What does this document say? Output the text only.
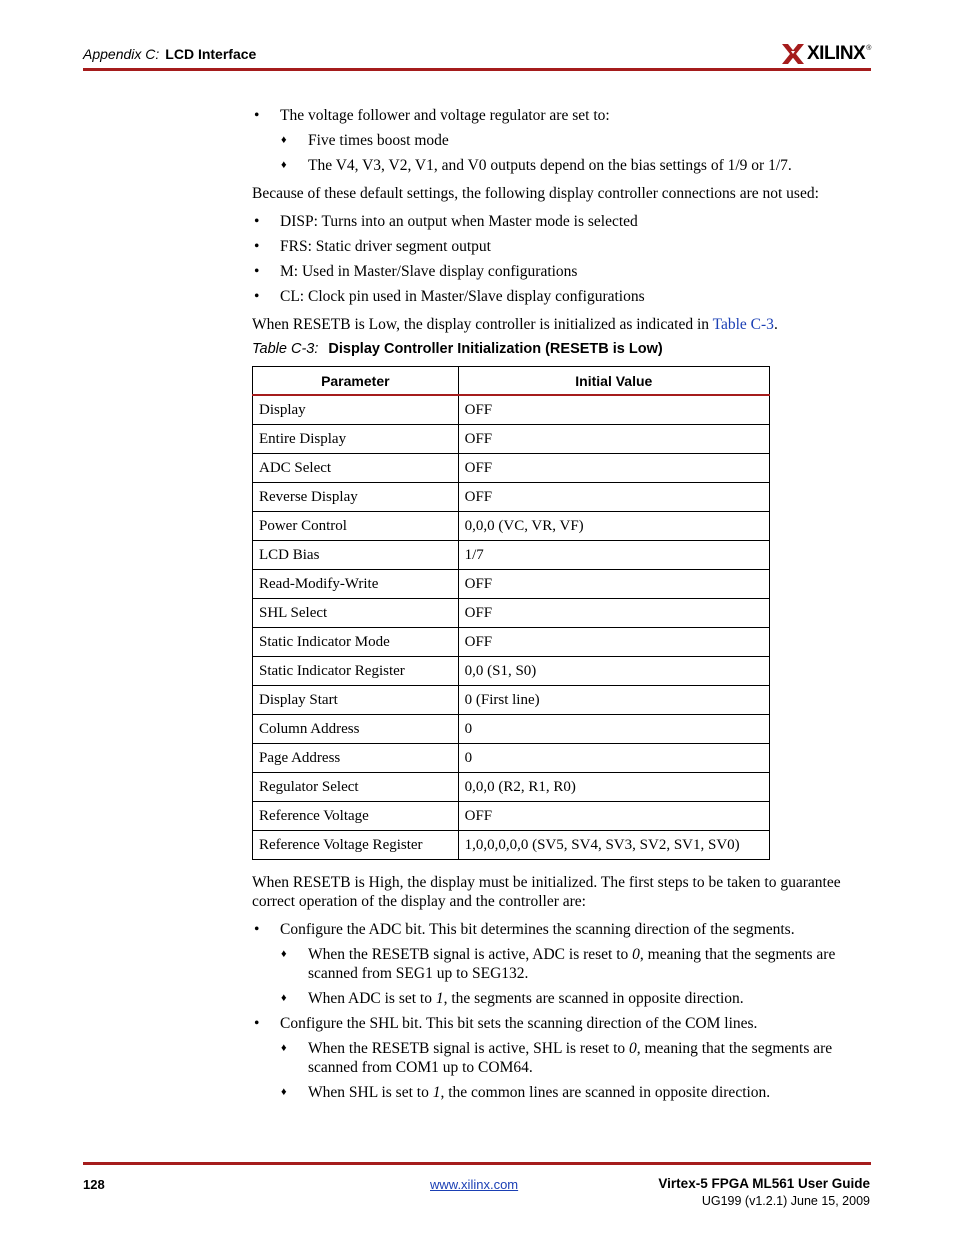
Appendix C: LCD Interface	XILINX ®
• The voltage follower and voltage regulator are set to:
♦ Five times boost mode
♦ The V4, V3, V2, V1, and V0 outputs depend on the bias settings of 1/9 or 1/7.

Because of these default settings, the following display controller connections are not used:

• DISP: Turns into an output when Master mode is selected
• FRS: Static driver segment output
• M: Used in Master/Slave display configurations
• CL: Clock pin used in Master/Slave display configurations

When RESETB is Low, the display controller is initialized as indicated in Table C-3.

Table C-3: Display Controller Initialization (RESETB is Low)
Parameter	Initial Value
Display	OFF
Entire Display	OFF
ADC Select	OFF
Reverse Display	OFF
Power Control	0,0,0 (VC, VR, VF)
LCD Bias	1/7
Read-Modify-Write	OFF
SHL Select	OFF
Static Indicator Mode	OFF
Static Indicator Register	0,0 (S1, S0)
Display Start	0 (First line)
Column Address	0
Page Address	0
Regulator Select	0,0,0 (R2, R1, R0)
Reference Voltage	OFF
Reference Voltage Register	1,0,0,0,0,0 (SV5, SV4, SV3, SV2, SV1, SV0)

When RESETB is High, the display must be initialized. The first steps to be taken to guarantee correct operation of the display and the controller are:

• Configure the ADC bit. This bit determines the scanning direction of the segments.
♦ When the RESETB signal is active, ADC is reset to 0, meaning that the segments are scanned from SEG1 up to SEG132.
♦ When ADC is set to 1, the segments are scanned in opposite direction.
• Configure the SHL bit. This bit sets the scanning direction of the COM lines.
♦ When the RESETB signal is active, SHL is reset to 0, meaning that the segments are scanned from COM1 up to COM64.
♦ When SHL is set to 1, the common lines are scanned in opposite direction.
128	www.xilinx.com	Virtex-5 FPGA ML561 User Guide
UG199 (v1.2.1) June 15, 2009
